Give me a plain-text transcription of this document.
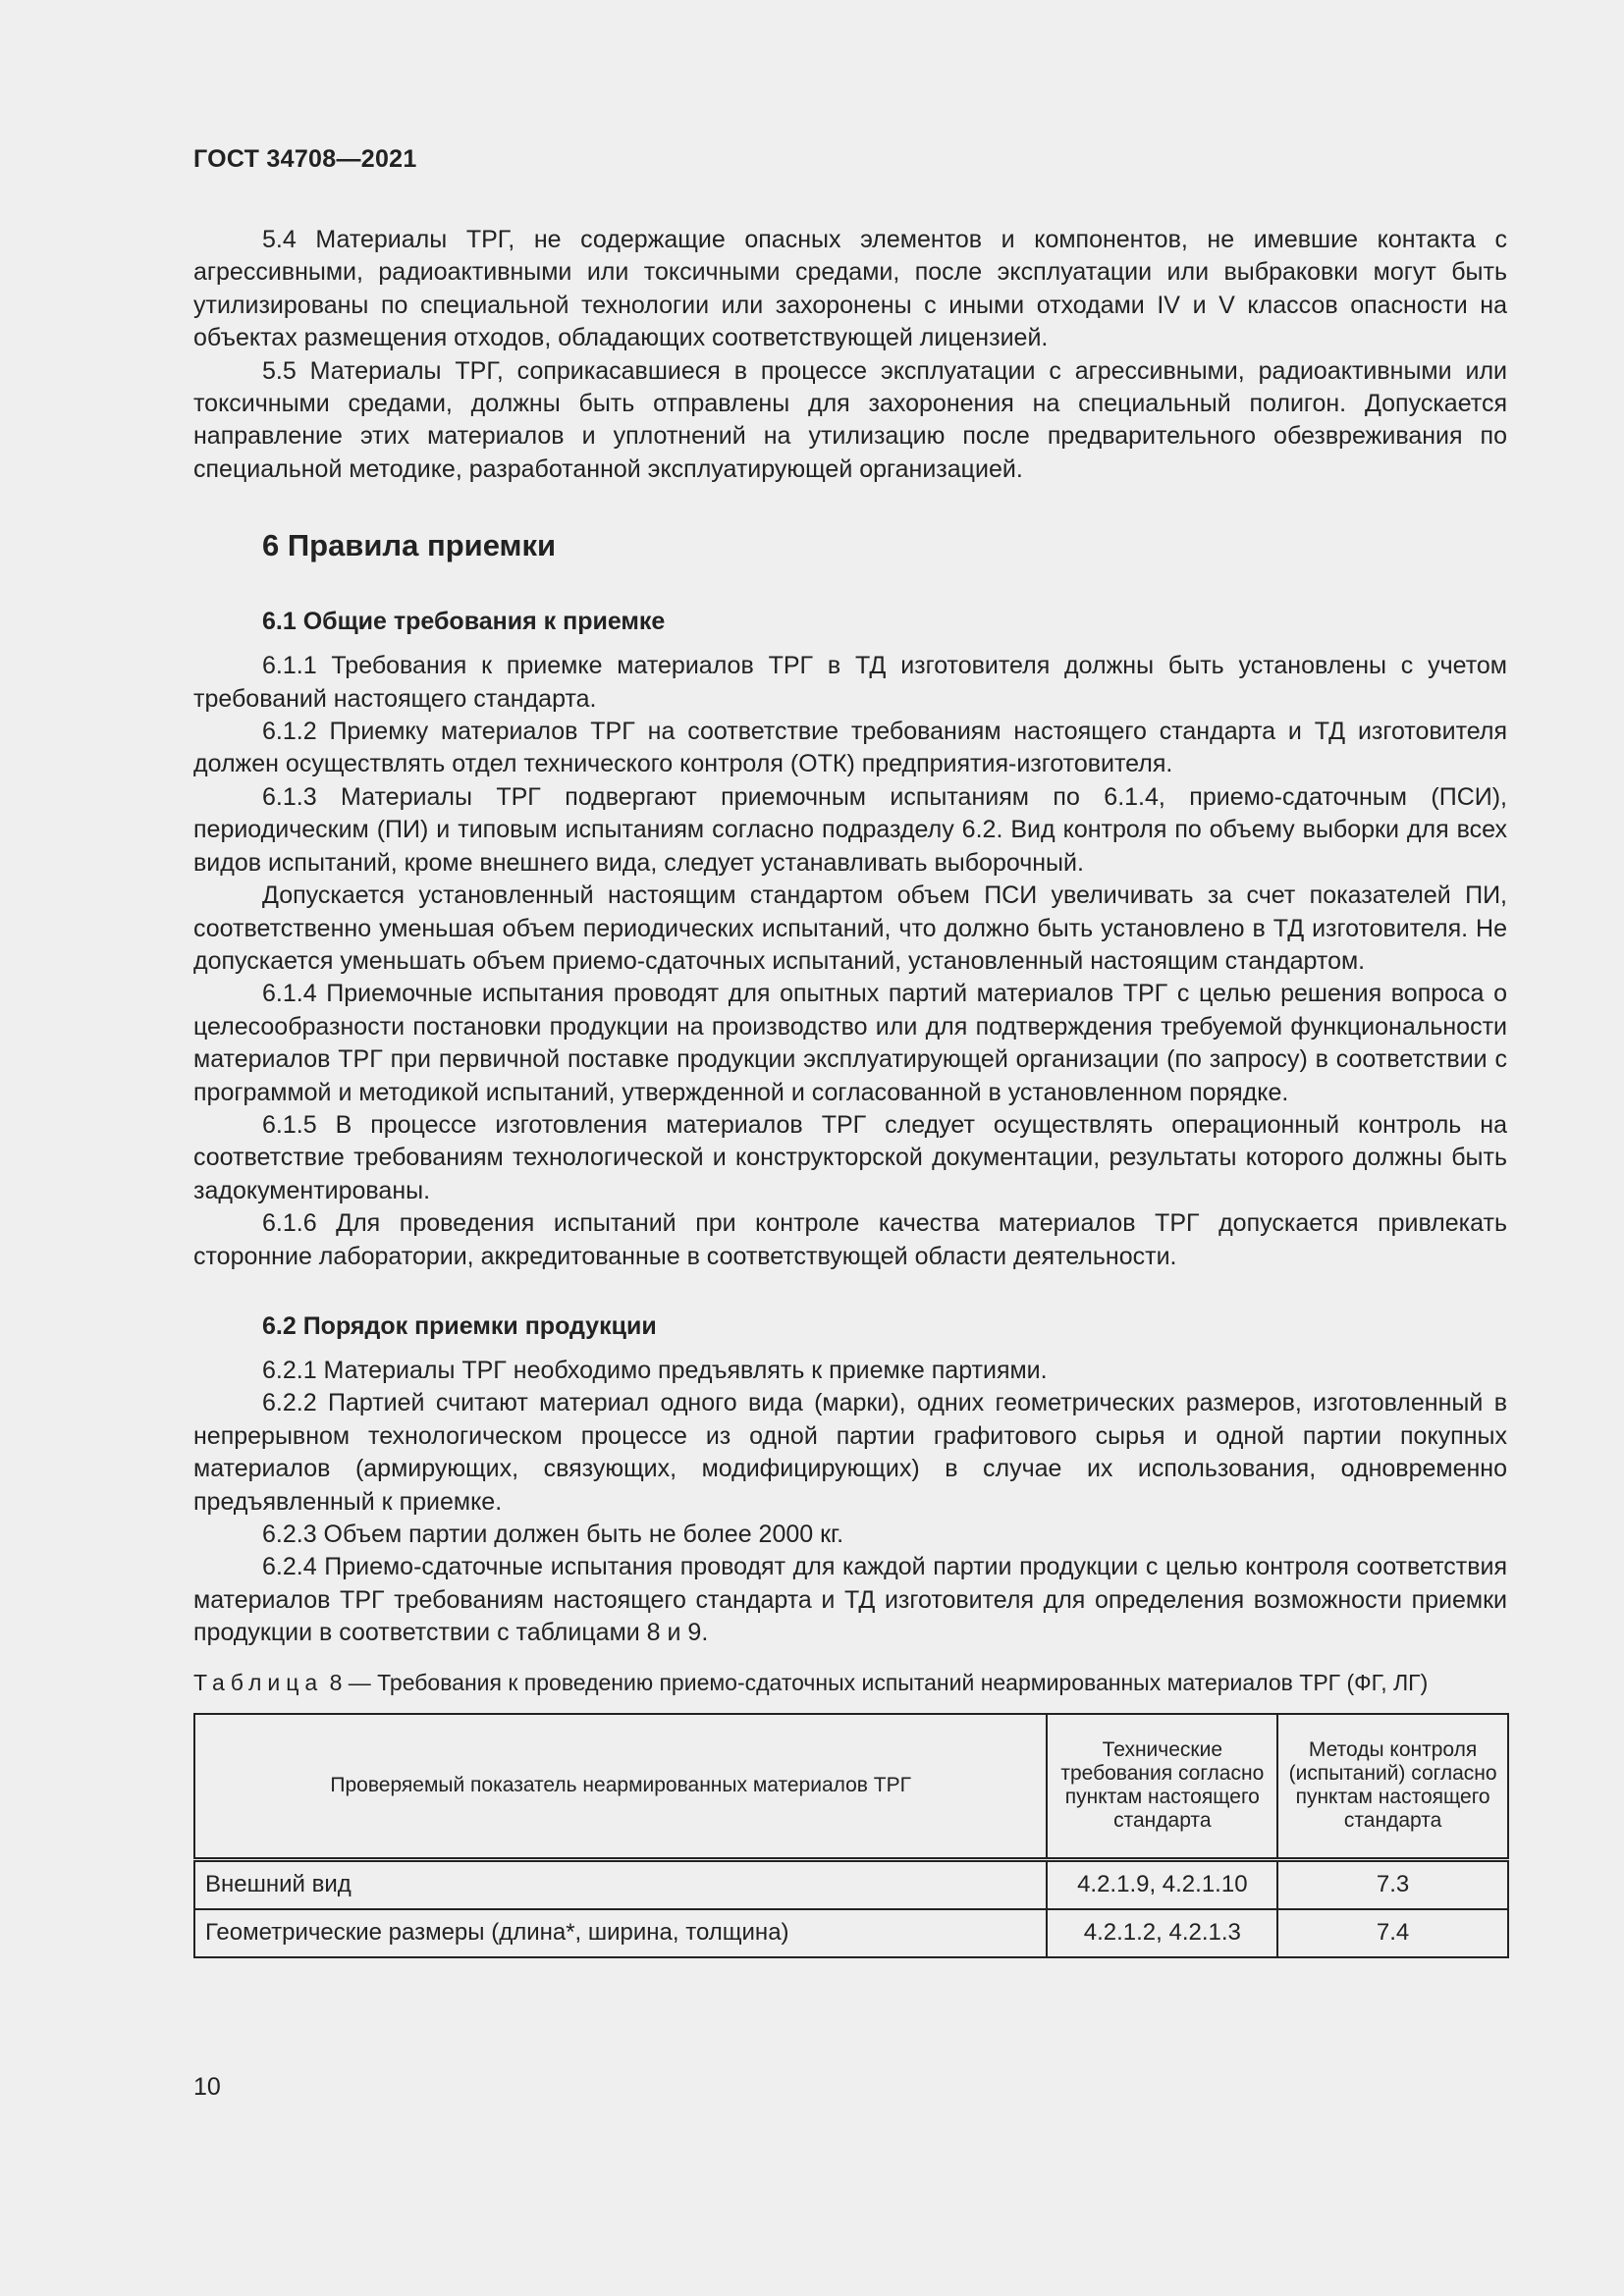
ГОСТ 34708—2021

5.4 Материалы ТРГ, не содержащие опасных элементов и компонентов, не имевшие контакта с агрессивными, радиоактивными или токсичными средами, после эксплуатации или выбраковки могут быть утилизированы по специальной технологии или захоронены с иными отходами IV и V классов опасности на объектах размещения отходов, обладающих соответствующей лицензией.

5.5 Материалы ТРГ, соприкасавшиеся в процессе эксплуатации с агрессивными, радиоактивными или токсичными средами, должны быть отправлены для захоронения на специальный полигон. Допускается направление этих материалов и уплотнений на утилизацию после предварительного обезвреживания по специальной методике, разработанной эксплуатирующей организацией.

6 Правила приемки
6.1 Общие требования к приемке

6.1.1 Требования к приемке материалов ТРГ в ТД изготовителя должны быть установлены с учетом требований настоящего стандарта.

6.1.2 Приемку материалов ТРГ на соответствие требованиям настоящего стандарта и ТД изготовителя должен осуществлять отдел технического контроля (ОТК) предприятия-изготовителя.

6.1.3 Материалы ТРГ подвергают приемочным испытаниям по 6.1.4, приемо-сдаточным (ПСИ), периодическим (ПИ) и типовым испытаниям согласно подразделу 6.2. Вид контроля по объему выборки для всех видов испытаний, кроме внешнего вида, следует устанавливать выборочный.

Допускается установленный настоящим стандартом объем ПСИ увеличивать за счет показателей ПИ, соответственно уменьшая объем периодических испытаний, что должно быть установлено в ТД изготовителя. Не допускается уменьшать объем приемо-сдаточных испытаний, установленный настоящим стандартом.

6.1.4 Приемочные испытания проводят для опытных партий материалов ТРГ с целью решения вопроса о целесообразности постановки продукции на производство или для подтверждения требуемой функциональности материалов ТРГ при первичной поставке продукции эксплуатирующей организации (по запросу) в соответствии с программой и методикой испытаний, утвержденной и согласованной в установленном порядке.

6.1.5 В процессе изготовления материалов ТРГ следует осуществлять операционный контроль на соответствие требованиям технологической и конструкторской документации, результаты которого должны быть задокументированы.

6.1.6 Для проведения испытаний при контроле качества материалов ТРГ допускается привлекать сторонние лаборатории, аккредитованные в соответствующей области деятельности.

6.2 Порядок приемки продукции

6.2.1 Материалы ТРГ необходимо предъявлять к приемке партиями.

6.2.2 Партией считают материал одного вида (марки), одних геометрических размеров, изготовленный в непрерывном технологическом процессе из одной партии графитового сырья и одной партии покупных материалов (армирующих, связующих, модифицирующих) в случае их использования, одновременно предъявленный к приемке.

6.2.3 Объем партии должен быть не более 2000 кг.

6.2.4 Приемо-сдаточные испытания проводят для каждой партии продукции с целью контроля соответствия материалов ТРГ требованиям настоящего стандарта и ТД изготовителя для определения возможности приемки продукции в соответствии с таблицами 8 и 9.

Таблица 8 — Требования к проведению приемо-сдаточных испытаний неармированных материалов ТРГ (ФГ, ЛГ)
Проверяемый показатель неармированных материалов ТРГ	Технические требования согласно пунктам настоящего стандарта	Методы контроля (испытаний) согласно пунктам настоящего стандарта
Внешний вид	4.2.1.9, 4.2.1.10	7.3
Геометрические размеры (длина*, ширина, толщина)	4.2.1.2, 4.2.1.3	7.4
10
